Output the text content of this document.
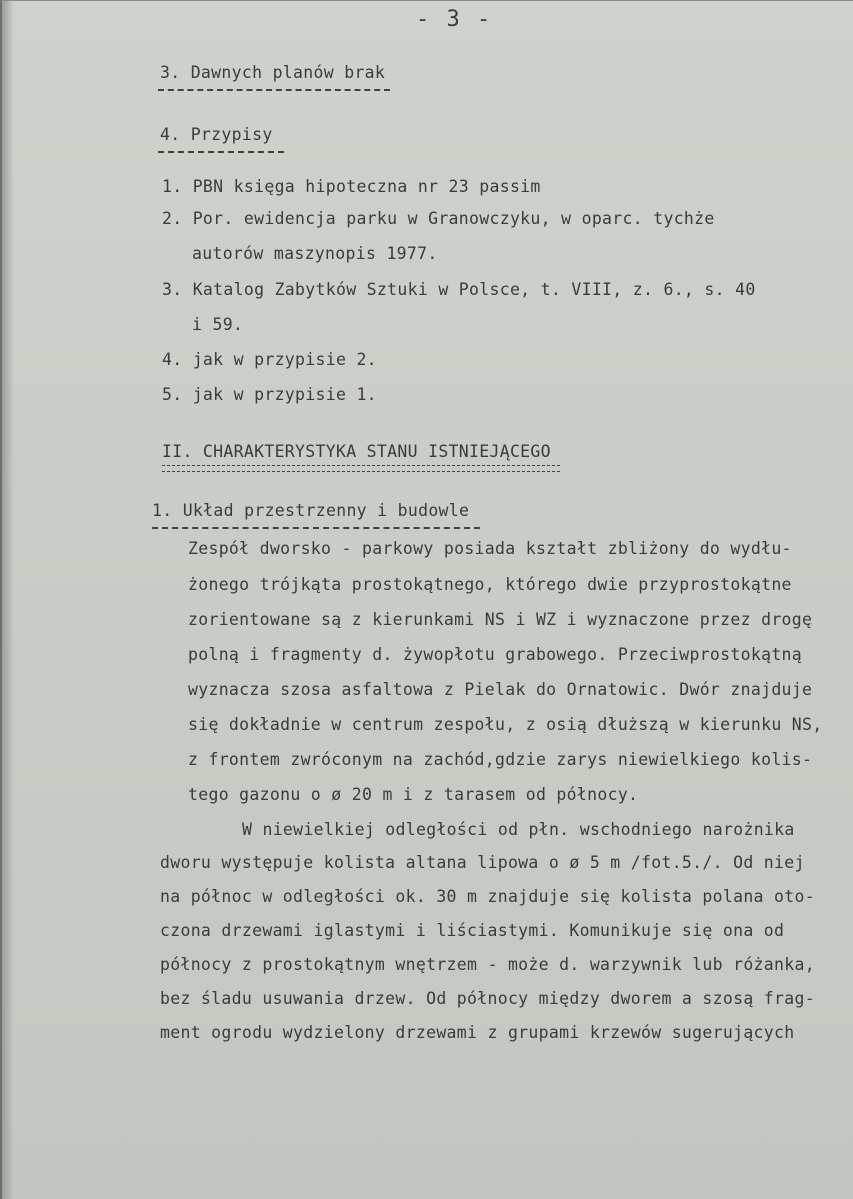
- 3 -
3. Dawnych planów brak
4. Przypisy
1. PBN księga hipoteczna nr 23 passim
2. Por. ewidencja parku w Granowczyku, w oparc. tychże
autorów maszynopis 1977.
3. Katalog Zabytków Sztuki w Polsce, t. VIII, z. 6., s. 40
i 59.
4. jak w przypisie 2.
5. jak w przypisie 1.
II. CHARAKTERYSTYKA STANU ISTNIEJĄCEGO
1. Układ przestrzenny i budowle
Zespół dworsko - parkowy posiada kształt zbliżony do wydłu-
żonego trójkąta prostokątnego, którego dwie przyprostokątne
zorientowane są z kierunkami NS i WZ i wyznaczone przez drogę
polną i fragmenty d. żywopłotu grabowego. Przeciwprostokątną
wyznacza szosa asfaltowa z Pielak do Ornatowic. Dwór znajduje
się dokładnie w centrum zespołu, z osią dłuższą w kierunku NS,
z frontem zwróconym na zachód,gdzie zarys niewielkiego kolis-
tego gazonu o ø 20 m i z tarasem od północy.
W niewielkiej odległości od płn. wschodniego narożnika
dworu występuje kolista altana lipowa o ø 5 m /fot.5./. Od niej
na północ w odległości ok. 30 m znajduje się kolista polana oto-
czona drzewami iglastymi i liściastymi. Komunikuje się ona od
północy z prostokątnym wnętrzem - może d. warzywnik lub różanka,
bez śladu usuwania drzew. Od północy między dworem a szosą frag-
ment ogrodu wydzielony drzewami z grupami krzewów sugerujących
